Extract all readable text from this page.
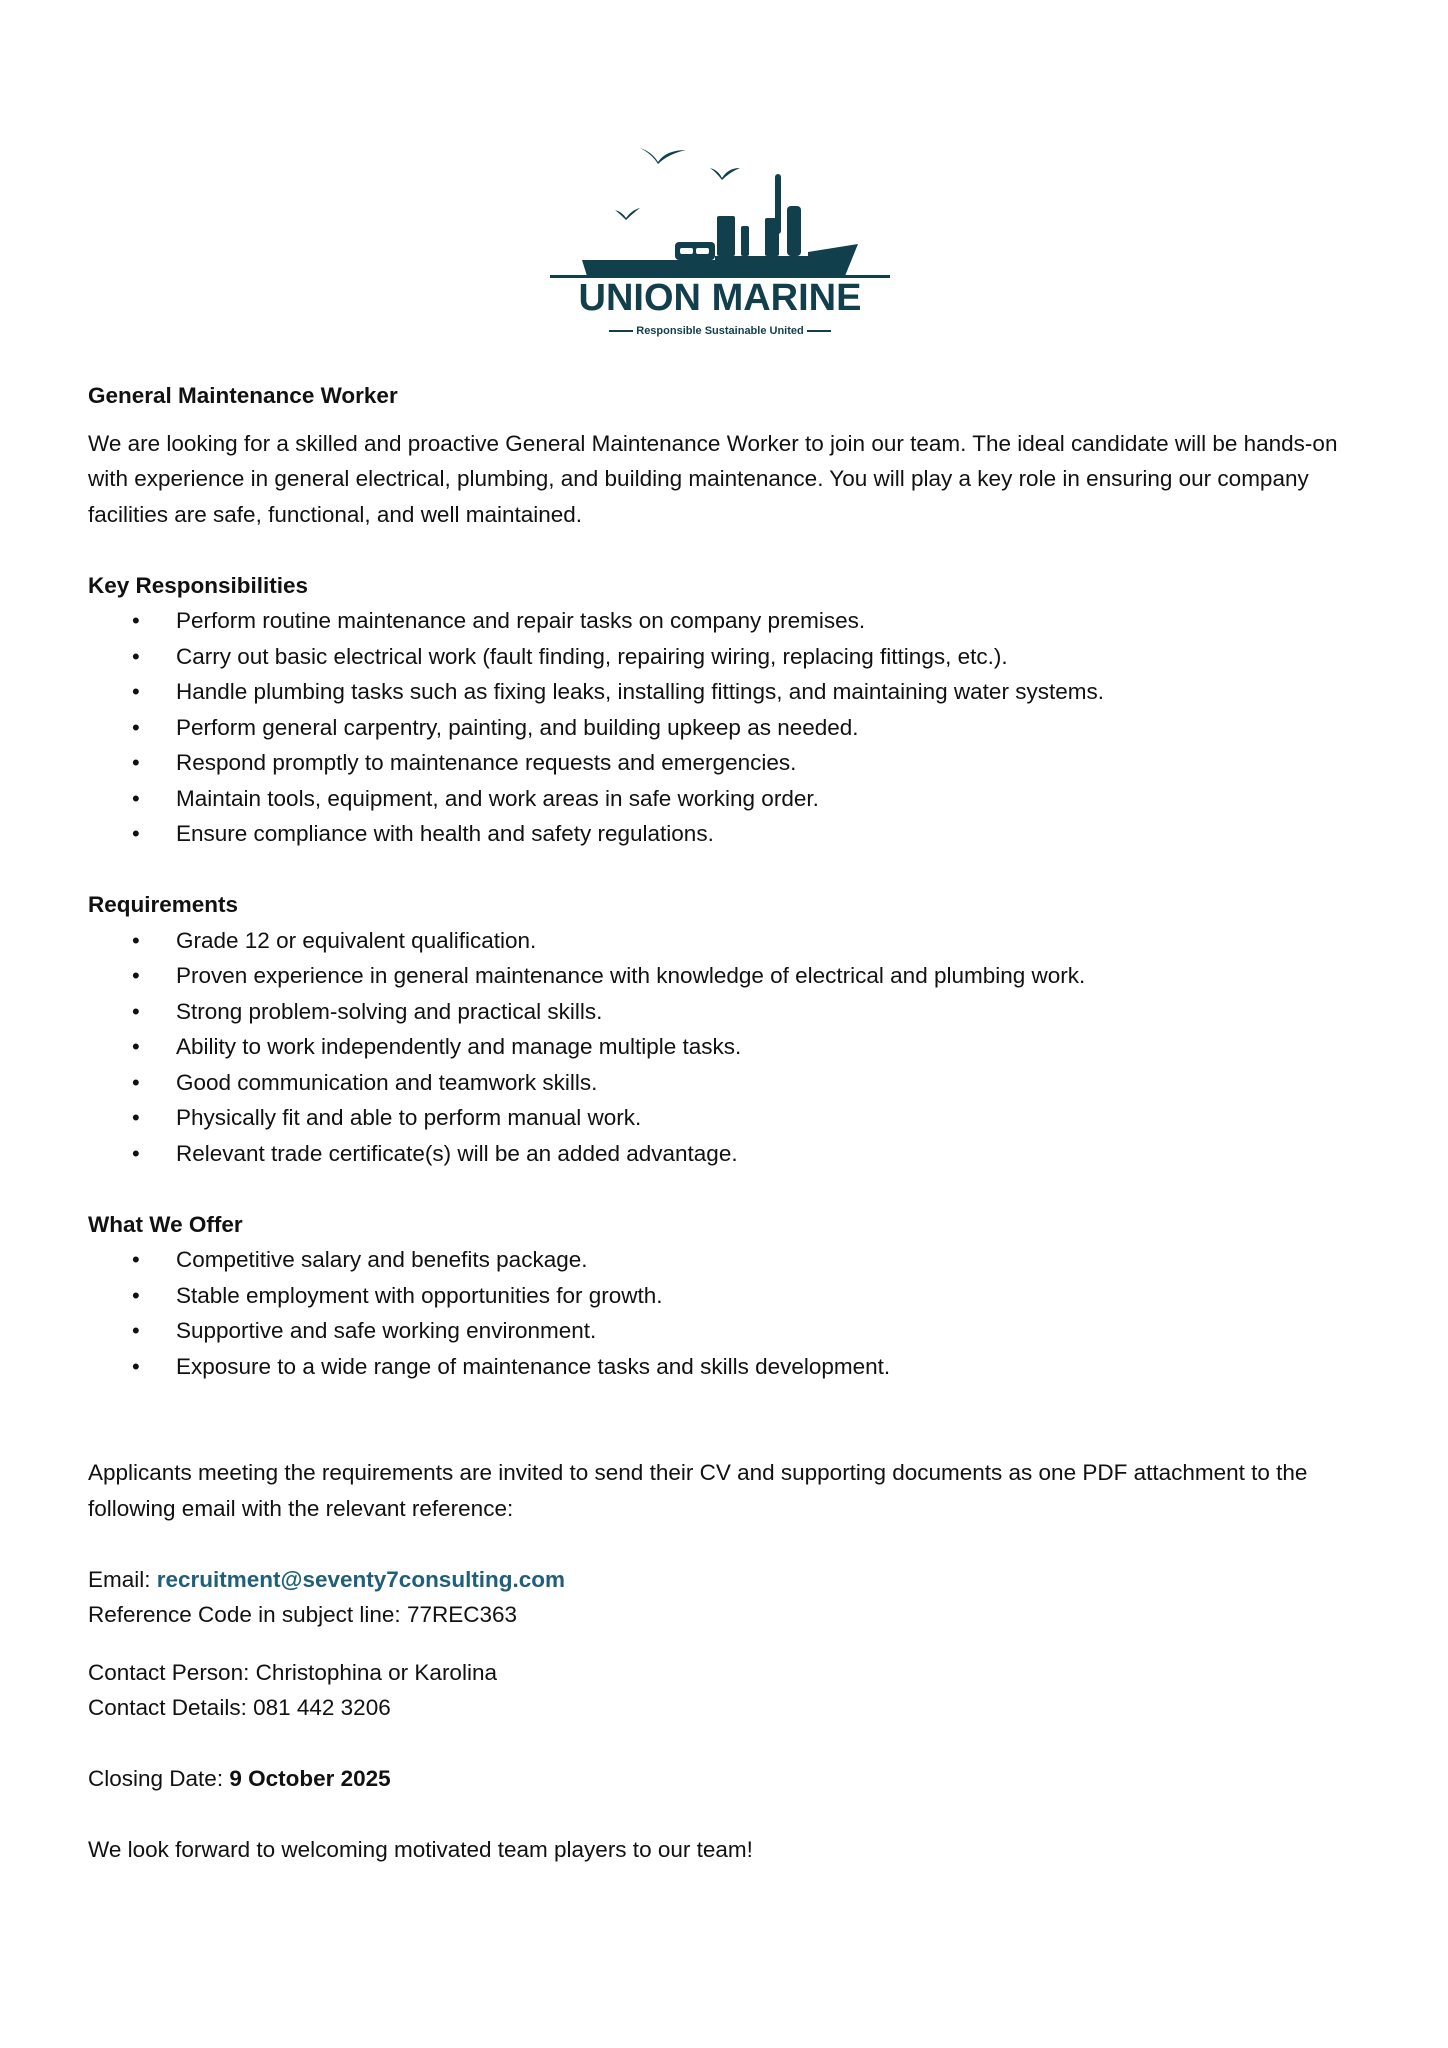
UNION MARINE
Responsible Sustainable United
General Maintenance Worker

We are looking for a skilled and proactive General Maintenance Worker to join our team. The ideal candidate will be hands-on with experience in general electrical, plumbing, and building maintenance. You will play a key role in ensuring our company facilities are safe, functional, and well maintained.

Key Responsibilities
• Perform routine maintenance and repair tasks on company premises.
• Carry out basic electrical work (fault finding, repairing wiring, replacing fittings, etc.).
• Handle plumbing tasks such as fixing leaks, installing fittings, and maintaining water systems.
• Perform general carpentry, painting, and building upkeep as needed.
• Respond promptly to maintenance requests and emergencies.
• Maintain tools, equipment, and work areas in safe working order.
• Ensure compliance with health and safety regulations.
Requirements
• Grade 12 or equivalent qualification.
• Proven experience in general maintenance with knowledge of electrical and plumbing work.
• Strong problem-solving and practical skills.
• Ability to work independently and manage multiple tasks.
• Good communication and teamwork skills.
• Physically fit and able to perform manual work.
• Relevant trade certificate(s) will be an added advantage.
What We Offer
• Competitive salary and benefits package.
• Stable employment with opportunities for growth.
• Supportive and safe working environment.
• Exposure to a wide range of maintenance tasks and skills development.

Applicants meeting the requirements are invited to send their CV and supporting documents as one PDF attachment to the following email with the relevant reference:

Email: recruitment@seventy7consulting.com
Reference Code in subject line: 77REC363
Contact Person: Christophina or Karolina
Contact Details: 081 442 3206
Closing Date: 9 October 2025

We look forward to welcoming motivated team players to our team!
